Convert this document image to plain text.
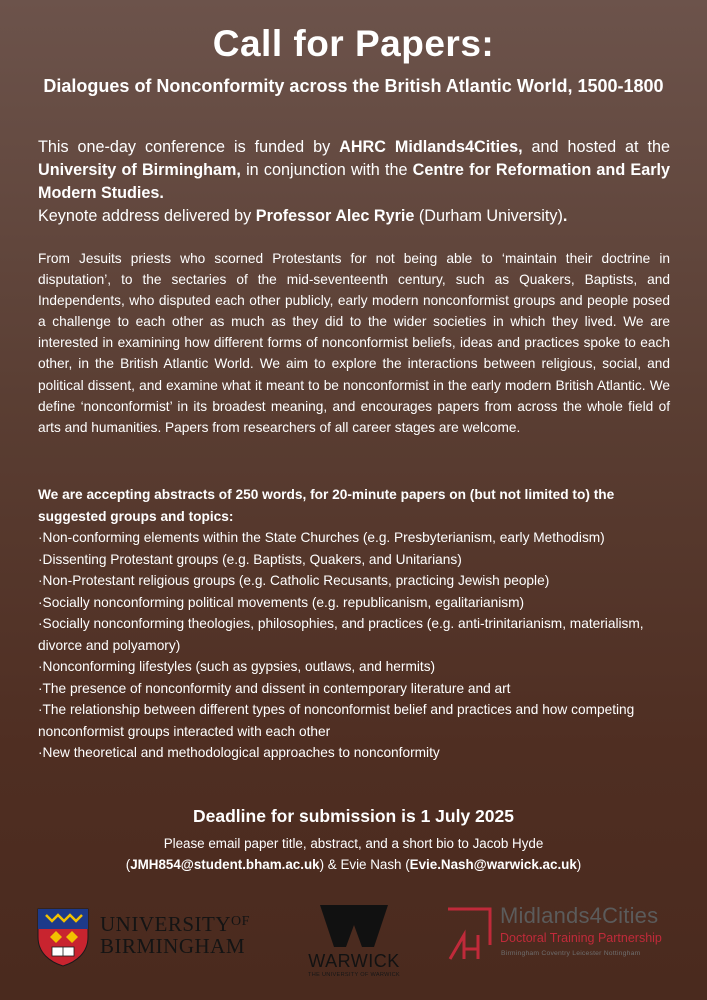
Call for Papers:
Dialogues of Nonconformity across the British Atlantic World, 1500-1800
This one-day conference is funded by AHRC Midlands4Cities, and hosted at the University of Birmingham, in conjunction with the Centre for Reformation and Early Modern Studies.
Keynote address delivered by Professor Alec Ryrie (Durham University).
From Jesuits priests who scorned Protestants for not being able to ‘maintain their doctrine in disputation’, to the sectaries of the mid-seventeenth century, such as Quakers, Baptists, and Independents, who disputed each other publicly, early modern nonconformist groups and people posed a challenge to each other as much as they did to the wider societies in which they lived. We are interested in examining how different forms of nonconformist beliefs, ideas and practices spoke to each other, in the British Atlantic World. We aim to explore the interactions between religious, social, and political dissent, and examine what it meant to be nonconformist in the early modern British Atlantic. We define ‘nonconformist’ in its broadest meaning, and encourages papers from across the whole field of arts and humanities. Papers from researchers of all career stages are welcome.
We are accepting abstracts of 250 words, for 20-minute papers on (but not limited to) the suggested groups and topics:
·Non-conforming elements within the State Churches (e.g. Presbyterianism, early Methodism)
·Dissenting Protestant groups (e.g. Baptists, Quakers, and Unitarians)
·Non-Protestant religious groups (e.g. Catholic Recusants, practicing Jewish people)
·Socially nonconforming political movements (e.g. republicanism, egalitarianism)
·Socially nonconforming theologies, philosophies, and practices (e.g. anti-trinitarianism, materialism, divorce and polyamory)
·Nonconforming lifestyles (such as gypsies, outlaws, and hermits)
·The presence of nonconformity and dissent in contemporary literature and art
·The relationship between different types of nonconformist belief and practices and how competing nonconformist groups interacted with each other
·New theoretical and methodological approaches to nonconformity
Deadline for submission is 1 July 2025
Please email paper title, abstract, and a short bio to Jacob Hyde
(JMH854@student.bham.ac.uk) & Evie Nash (Evie.Nash@warwick.ac.uk)
$UNIVERSITY^{OF}$
BIRMINGHAM
WARWICK
THE UNIVERSITY OF WARWICK
Midlands4Cities
Doctoral Training Partnership
Birmingham Coventry Leicester Nottingham
